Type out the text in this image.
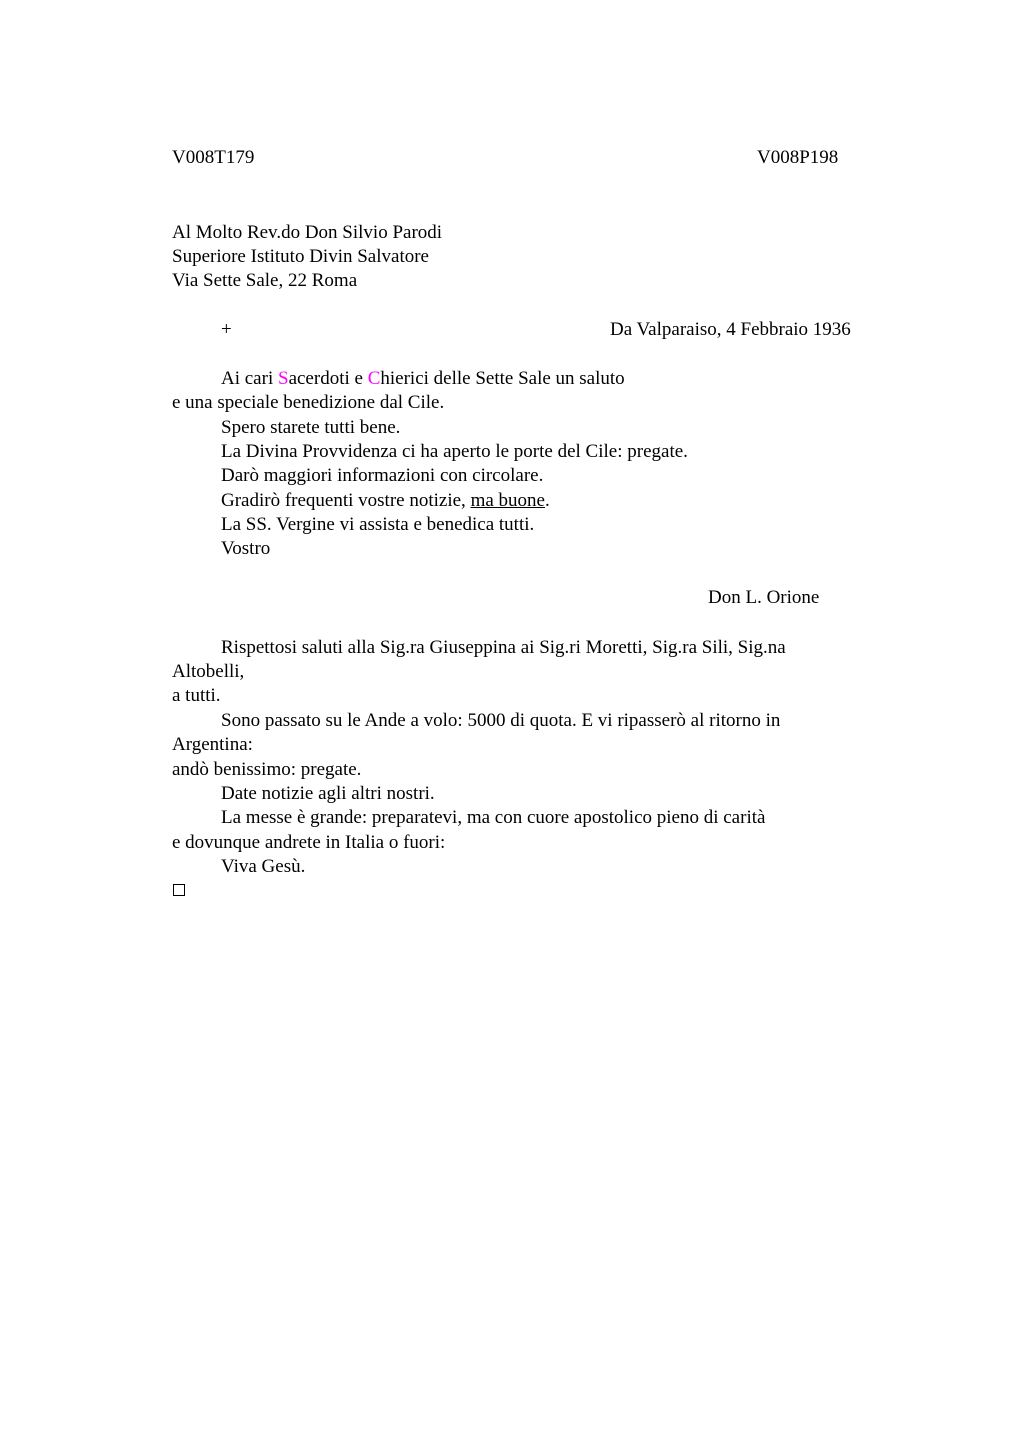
V008T179	V008P198
Al Molto Rev.do Don Silvio Parodi
Superiore Istituto Divin Salvatore
Via Sette Sale, 22 Roma
+	Da Valparaiso, 4 Febbraio 1936
Ai cari Sacerdoti e Chierici delle Sette Sale un saluto
e una speciale benedizione dal Cile.
Spero starete tutti bene.
La Divina Provvidenza ci ha aperto le porte del Cile: pregate.
Darò maggiori informazioni con circolare.
Gradirò frequenti vostre notizie, ma buone.
La SS. Vergine vi assista e benedica tutti.
Vostro
Don L. Orione
Rispettosi saluti alla Sig.ra Giuseppina ai Sig.ri Moretti, Sig.ra Sili, Sig.na
Altobelli,
a tutti.
Sono passato su le Ande a volo: 5000 di quota. E vi ripasserò al ritorno in
Argentina:
andò benissimo: pregate.
Date notizie agli altri nostri.
La messe è grande: preparatevi, ma con cuore apostolico pieno di carità
e dovunque andrete in Italia o fuori:
Viva Gesù.
